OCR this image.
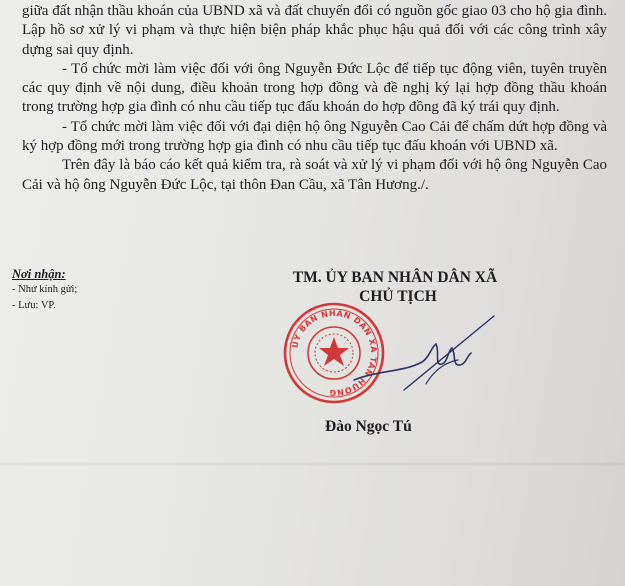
giữa đất nhận thầu khoán của UBND xã và đất chuyển đổi có nguồn gốc giao 03 cho hộ gia đình. Lập hồ sơ xử lý vi phạm và thực hiện biện pháp khắc phục hậu quả đối với các công trình xây dựng sai quy định.

- Tổ chức mời làm việc đối với ông Nguyễn Đức Lộc để tiếp tục động viên, tuyên truyền các quy định về nội dung, điều khoản trong hợp đồng và đề nghị ký lại hợp đồng thầu khoán trong trường hợp gia đình có nhu cầu tiếp tục đấu khoán do hợp đồng đã ký trái quy định.

- Tổ chức mời làm việc đối với đại diện hộ ông Nguyễn Cao Cải để chấm dứt hợp đồng và ký hợp đồng mới trong trường hợp gia đình có nhu cầu tiếp tục đấu khoán với UBND xã.

Trên đây là báo cáo kết quả kiểm tra, rà soát và xử lý vi phạm đối với hộ ông Nguyễn Cao Cải và hộ ông Nguyễn Đức Lộc, tại thôn Đan Cầu, xã Tân Hương./.

Nơi nhận:
- Như kính gửi;
- Lưu: VP.
TM. ỦY BAN NHÂN DÂN XÃ
CHỦ TỊCH
ỦY BAN NHÂN DÂN XÃ TÂN HƯƠNG
Đào Ngọc Tú
